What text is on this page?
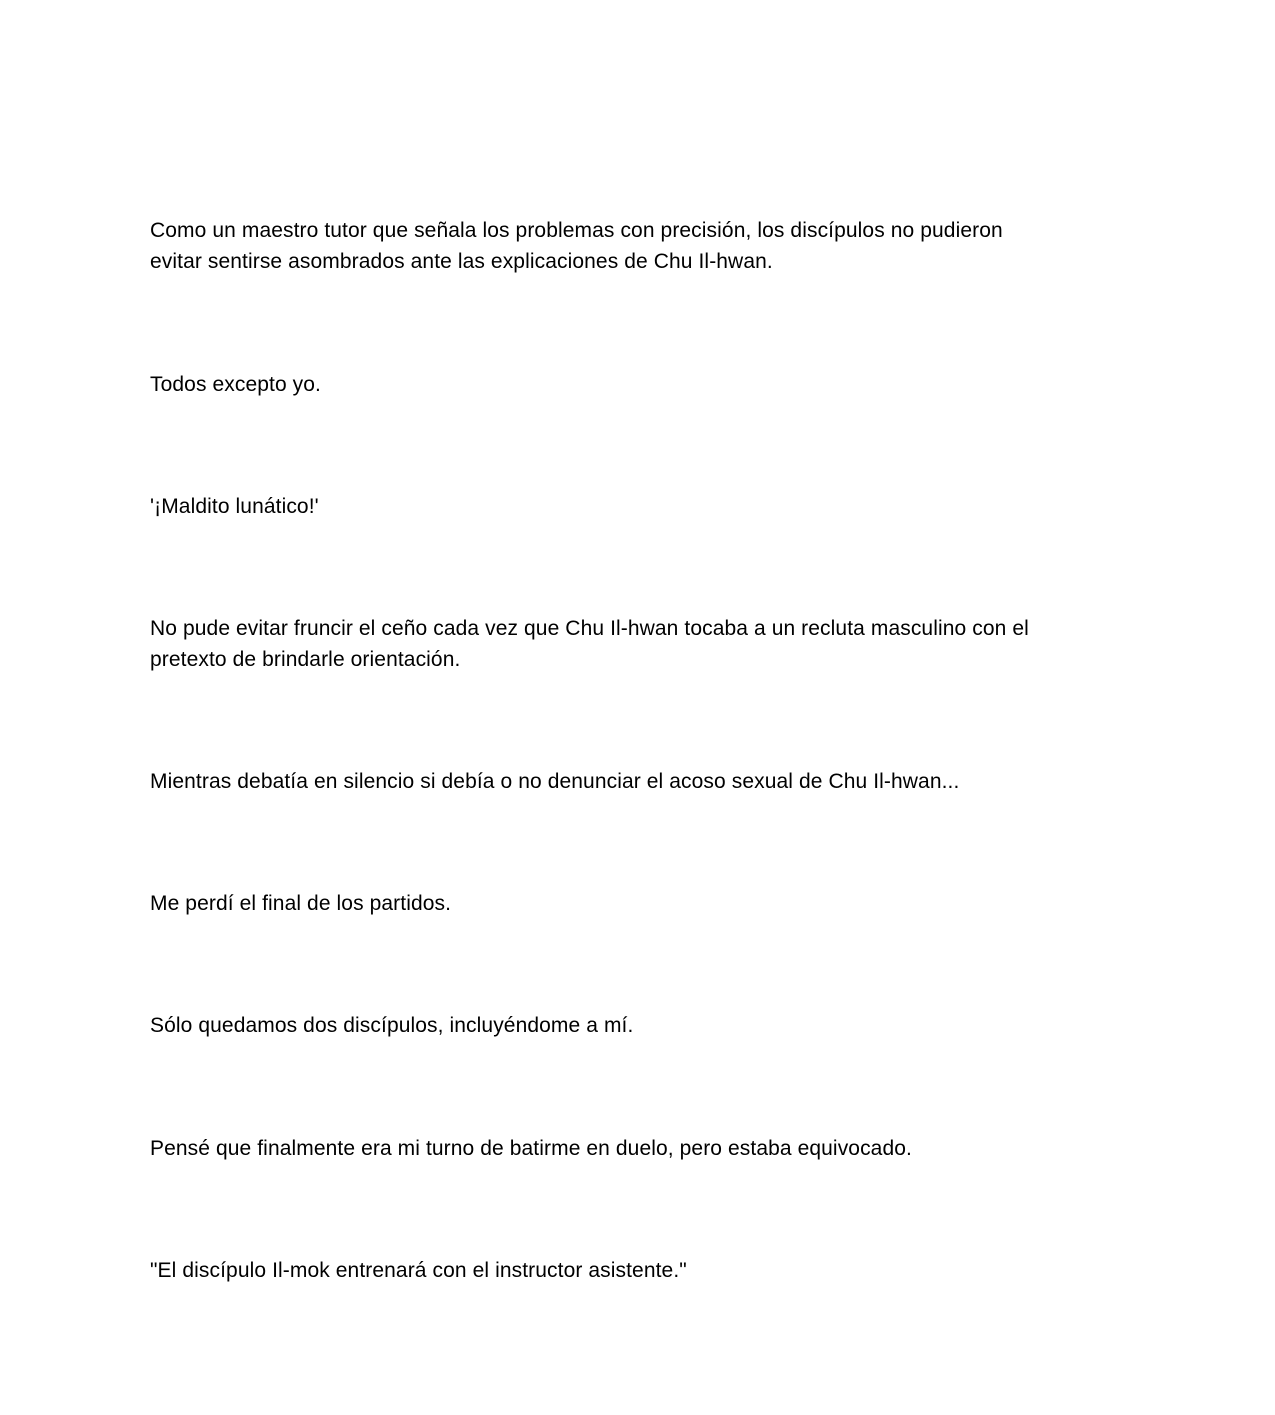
Como un maestro tutor que señala los problemas con precisión, los discípulos no pudieron
evitar sentirse asombrados ante las explicaciones de Chu Il-hwan.

Todos excepto yo.

'¡Maldito lunático!'

No pude evitar fruncir el ceño cada vez que Chu Il-hwan tocaba a un recluta masculino con el
pretexto de brindarle orientación.

Mientras debatía en silencio si debía o no denunciar el acoso sexual de Chu Il-hwan...

Me perdí el final de los partidos.

Sólo quedamos dos discípulos, incluyéndome a mí.

Pensé que finalmente era mi turno de batirme en duelo, pero estaba equivocado.

"El discípulo Il-mok entrenará con el instructor asistente."
